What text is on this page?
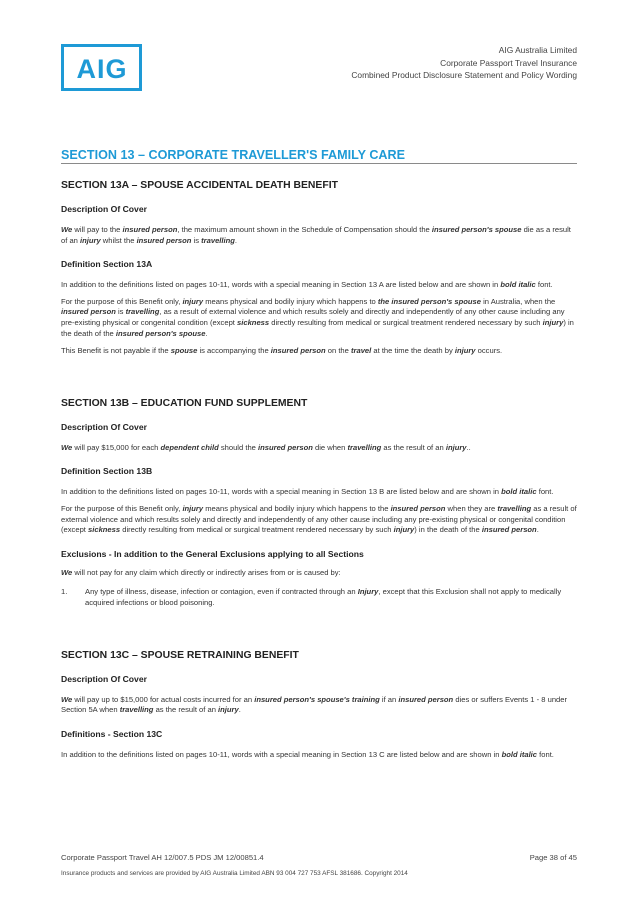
AIG
AIG Australia Limited
Corporate Passport Travel Insurance
Combined Product Disclosure Statement and Policy Wording
SECTION 13 – CORPORATE TRAVELLER'S FAMILY CARE
SECTION 13A – SPOUSE ACCIDENTAL DEATH BENEFIT
Description Of Cover

We will pay to the insured person, the maximum amount shown in the Schedule of Compensation should the insured person's spouse die as a result of an injury whilst the insured person is travelling.

Definition Section 13A

In addition to the definitions listed on pages 10-11, words with a special meaning in Section 13 A are listed below and are shown in bold italic font.

For the purpose of this Benefit only, injury means physical and bodily injury which happens to the insured person's spouse in Australia, when the insured person is travelling, as a result of external violence and which results solely and directly and independently of any other cause including any pre-existing physical or congenital condition (except sickness directly resulting from medical or surgical treatment rendered necessary by such injury) in the death of the insured person's spouse.

This Benefit is not payable if the spouse is accompanying the insured person on the travel at the time the death by injury occurs.

SECTION 13B – EDUCATION FUND SUPPLEMENT
Description Of Cover

We will pay $15,000 for each dependent child should the insured person die when travelling as the result of an injury..

Definition Section 13B

In addition to the definitions listed on pages 10-11, words with a special meaning in Section 13 B are listed below and are shown in bold italic font.

For the purpose of this Benefit only, injury means physical and bodily injury which happens to the insured person when they are travelling as a result of external violence and which results solely and directly and independently of any other cause including any pre-existing physical or congenital condition (except sickness directly resulting from medical or surgical treatment rendered necessary by such injury) in the death of the insured person.

Exclusions - In addition to the General Exclusions applying to all Sections

We will not pay for any claim which directly or indirectly arises from or is caused by:

1.	Any type of illness, disease, infection or contagion, even if contracted through an Injury, except that this Exclusion shall not apply to medically acquired infections or blood poisoning.
SECTION 13C – SPOUSE RETRAINING BENEFIT
Description Of Cover

We will pay up to $15,000 for actual costs incurred for an insured person's spouse's training if an insured person dies or suffers Events 1 - 8 under Section 5A when travelling as the result of an injury.

Definitions - Section 13C

In addition to the definitions listed on pages 10-11, words with a special meaning in Section 13 C are listed below and are shown in bold italic font.

Corporate Passport Travel AH 12/007.5 PDS JM 12/00851.4	Page 38 of 45
Insurance products and services are provided by AIG Australia Limited ABN 93 004 727 753 AFSL 381686. Copyright 2014
